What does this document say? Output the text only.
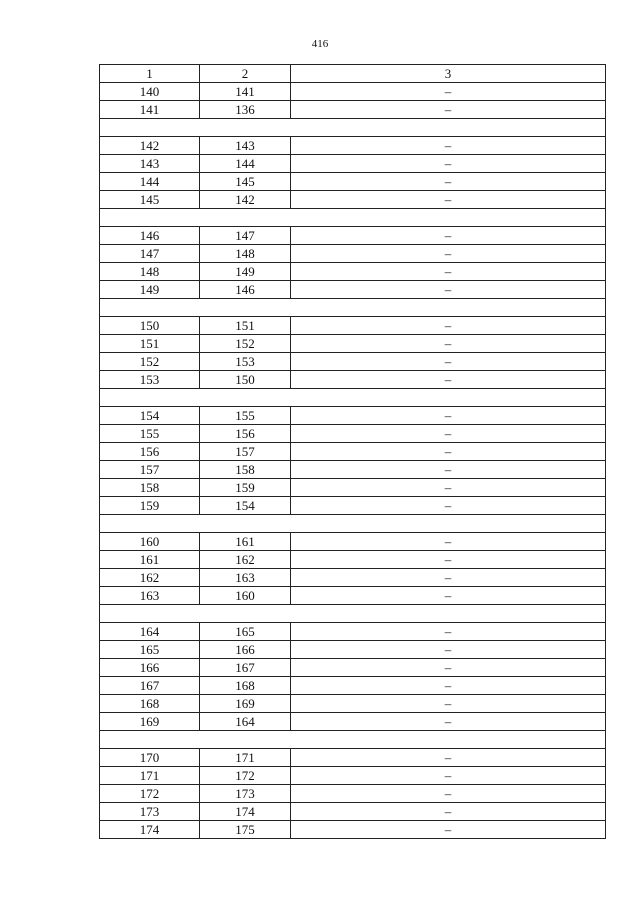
416
1	2	3
140	141	–
141	136	–

142	143	–
143	144	–
144	145	–
145	142	–

146	147	–
147	148	–
148	149	–
149	146	–

150	151	–
151	152	–
152	153	–
153	150	–

154	155	–
155	156	–
156	157	–
157	158	–
158	159	–
159	154	–

160	161	–
161	162	–
162	163	–
163	160	–

164	165	–
165	166	–
166	167	–
167	168	–
168	169	–
169	164	–

170	171	–
171	172	–
172	173	–
173	174	–
174	175	–
